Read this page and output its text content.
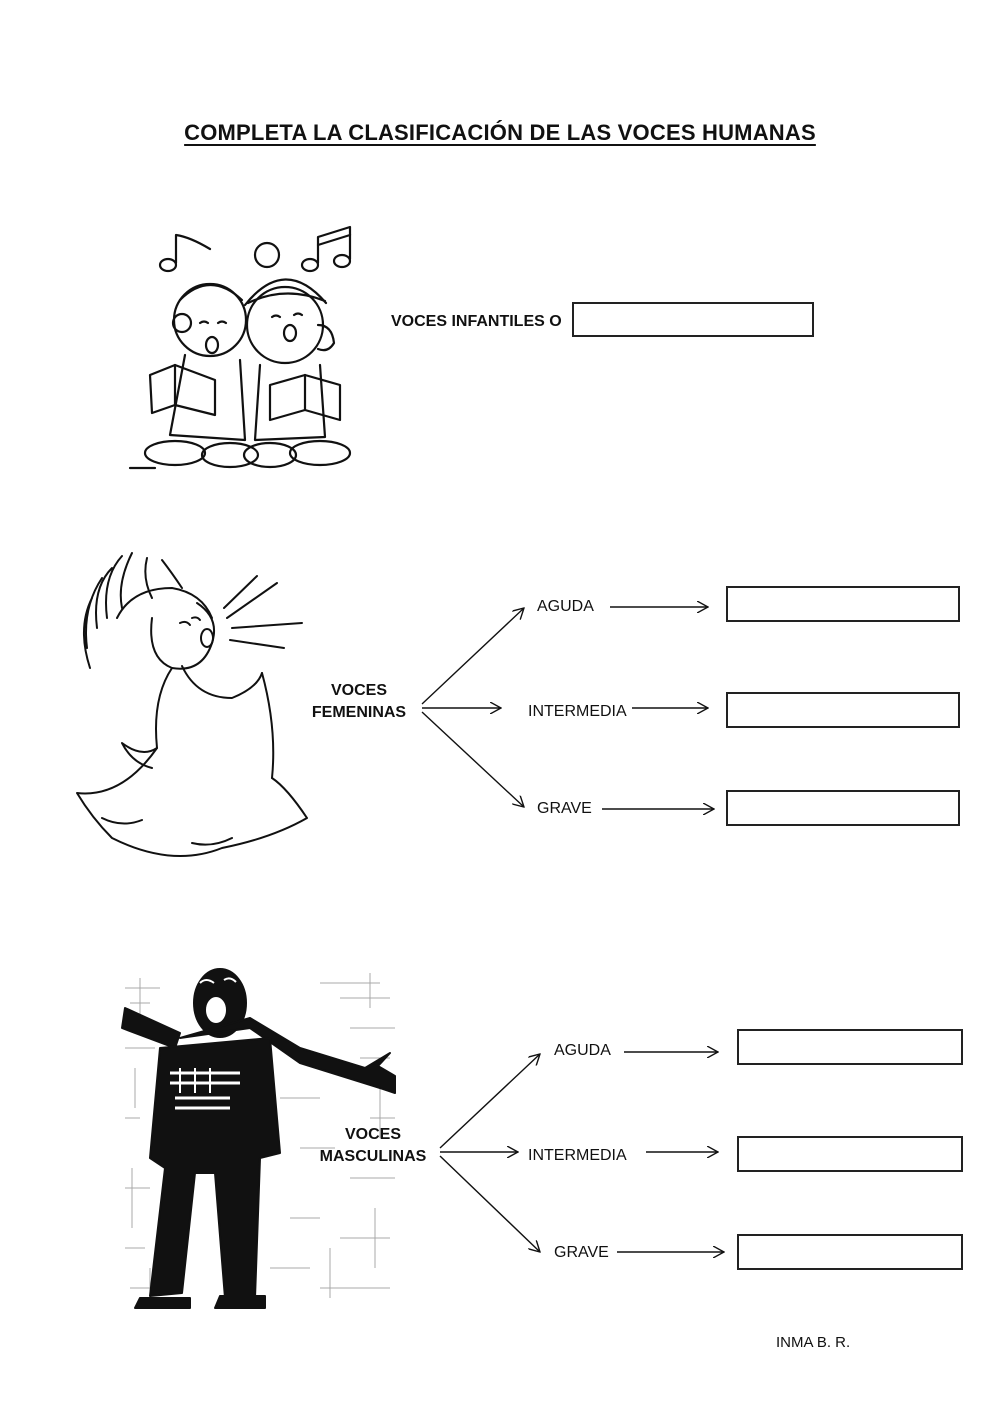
COMPLETA LA CLASIFICACIÓN DE LAS VOCES HUMANAS
VOCES INFANTILES O
VOCES
FEMENINAS
AGUDA
INTERMEDIA
GRAVE
VOCES
MASCULINAS
AGUDA
INTERMEDIA
GRAVE
INMA B. R.
